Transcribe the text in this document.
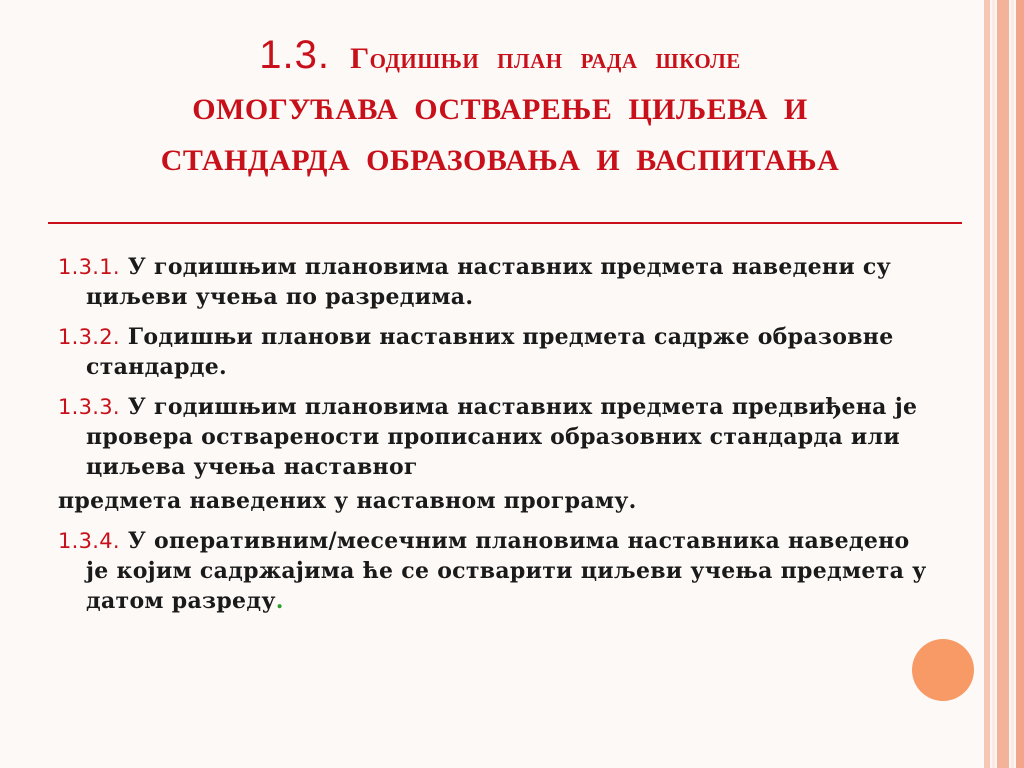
1.3. Годишњи план рада школе
ОМОГУЋАВА ОСТВАРЕЊЕ ЦИЉЕВА И
СТАНДАРДА ОБРАЗОВАЊА И ВАСПИТАЊА
1.3.1. У годишњим плановима наставних предмета наведени су циљеви учења по разредима.
1.3.2. Годишњи планови наставних предмета садрже образовне стандарде.
1.3.3. У годишњим плановима наставних предмета предвиђена је провера остварености прописаних образовних стандарда или циљева учења наставног
предмета наведених у наставном програму.
1.3.4. У оперативним/месечним плановима наставника наведено је којим садржајима ће се остварити циљеви учења предмета у датом разреду.
